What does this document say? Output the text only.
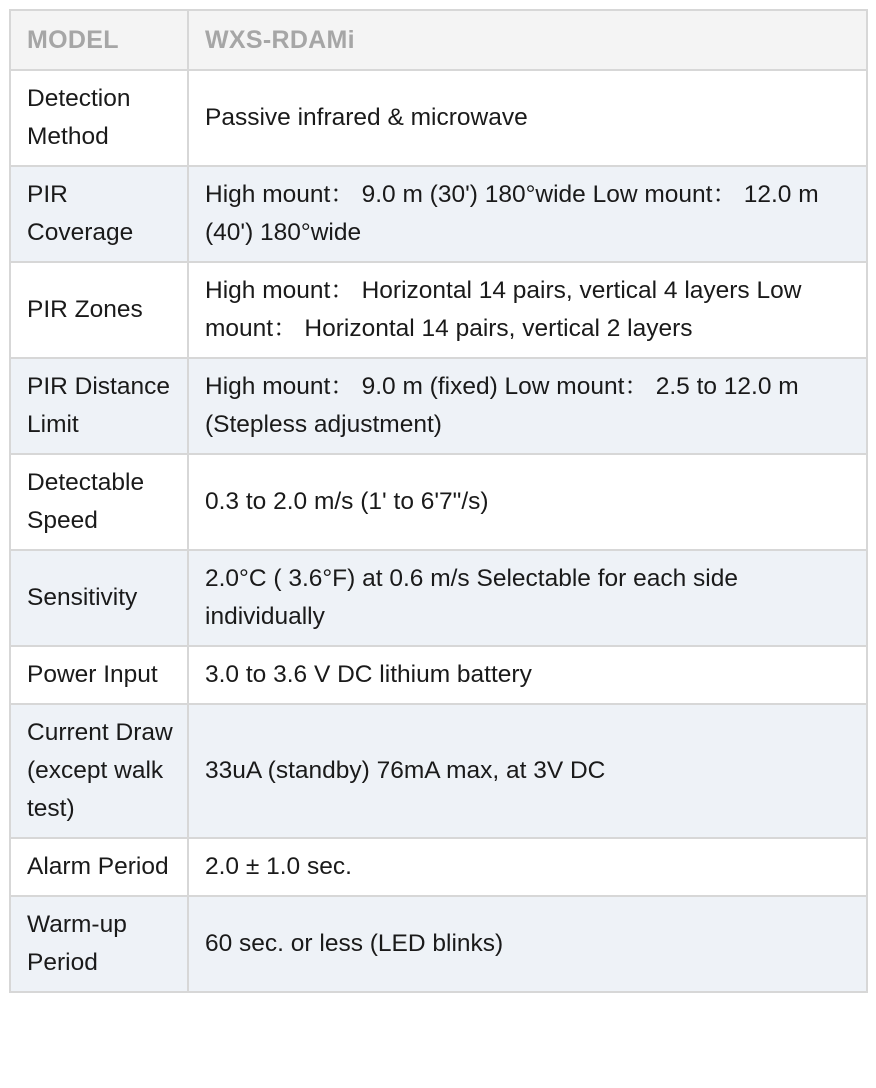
MODEL	WXS-RDAMi
Detection Method	Passive infrared & microwave
PIR Coverage	High mount： 9.0 m (30') 180°wide Low mount： 12.0 m (40') 180°wide
PIR Zones	High mount： Horizontal 14 pairs, vertical 4 layers Low mount： Horizontal 14 pairs, vertical 2 layers
PIR Distance Limit	High mount： 9.0 m (fixed) Low mount： 2.5 to 12.0 m (Stepless adjustment)
Detectable Speed	0.3 to 2.0 m/s (1' to 6'7"/s)
Sensitivity	2.0°C ( 3.6°F) at 0.6 m/s Selectable for each side individually
Power Input	3.0 to 3.6 V DC lithium battery
Current Draw (except walk test)	33uA (standby) 76mA max, at 3V DC
Alarm Period	2.0 ± 1.0 sec.
Warm-up Period	60 sec. or less (LED blinks)
